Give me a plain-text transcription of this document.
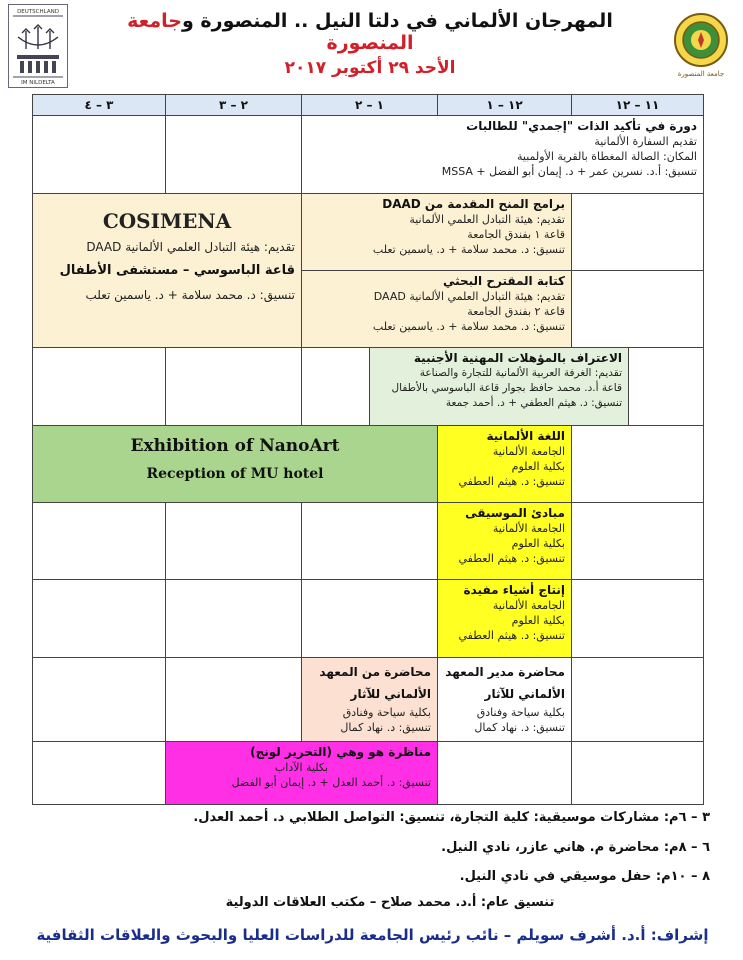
DEUTSCHLAND
IM NILDELTA
جامعة المنصورة
المهرجان الألماني في دلتا النيل .. المنصورة وجامعة المنصورة
الأحد ٢٩ أكتوبر ٢٠١٧
١١ – ١٢
١٢ – ١
١ – ٢
٢ – ٣
٣ – ٤
دورة في تأكيد الذات "إجمدي" للطالبات
تقديم السفارة الألمانية
المكان: الصالة المغطاة بالقرية الأولمبية
تنسيق: أ.د. نسرين عمر + د. إيمان أبو الفضل + MSSA
برامج المنح المقدمة من DAAD
تقديم: هيئة التبادل العلمي الألمانية
قاعة ١ بفندق الجامعة
تنسيق: د. محمد سلامة + د. ياسمين تعلب
كتابة المقترح البحثي
تقديم: هيئة التبادل العلمي الألمانية DAAD
قاعة ٢ بفندق الجامعة
تنسيق: د. محمد سلامة + د. ياسمين تعلب
COSIMENA
تقديم: هيئة التبادل العلمي الألمانية DAAD
قاعة الباسوسي – مستشفى الأطفال
تنسيق: د. محمد سلامة + د. ياسمين تعلب
الاعتراف بالمؤهلات المهنية الأجنبية
تقديم: الغرفة العربية الألمانية للتجارة والصناعة
قاعة أ.د. محمد حافظ بجوار قاعة الباسوسي بالأطفال
تنسيق: د. هيثم العطفي + د. أحمد جمعة
Exhibition of NanoArt
Reception of MU hotel
اللغة الألمانية
الجامعة الألمانية
بكلية العلوم
تنسيق: د. هيثم العطفي
مبادئ الموسيقى
الجامعة الألمانية
بكلية العلوم
تنسيق: د. هيثم العطفي
إنتاج أشياء مفيدة
الجامعة الألمانية
بكلية العلوم
تنسيق: د. هيثم العطفي
محاضرة مدير المعهد الألماني للآثار
بكلية سياحة وفنادق
تنسيق: د. نهاد كمال
محاضرة من المعهد الألماني للآثار
بكلية سياحة وفنادق
تنسيق: د. نهاد كمال
مناظرة هو وهي (التحرير لونج)
بكلية الآداب
تنسيق: د. أحمد العدل + د. إيمان أبو الفضل
٣ – ٦م: مشاركات موسيقية: كلية التجارة، تنسيق: التواصل الطلابي د. أحمد العدل.
٦ – ٨م: محاضرة م. هاني عازر، نادي النيل.
٨ – ١٠م: حفل موسيقي في نادي النيل.
تنسيق عام: أ.د. محمد صلاح – مكتب العلاقات الدولية
إشراف: أ.د. أشرف سويلم – نائب رئيس الجامعة للدراسات العليا والبحوث والعلاقات الثقافية
